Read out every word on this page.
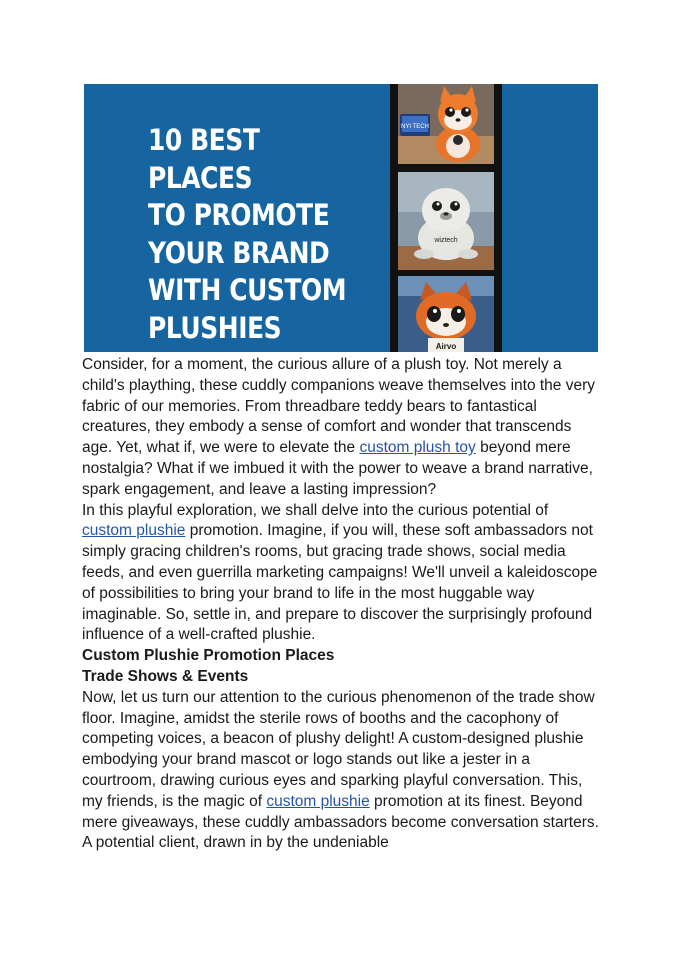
10 BEST PLACES
TO PROMOTE
YOUR BRAND
WITH CUSTOM
PLUSHIES
NYI TECH
wiztech
Airvo

Consider, for a moment, the curious allure of a plush toy. Not merely a child's plaything, these cuddly companions weave themselves into the very fabric of our memories. From threadbare teddy bears to fantastical creatures, they embody a sense of comfort and wonder that transcends age. Yet, what if, we were to elevate the custom plush toy beyond mere nostalgia? What if we imbued it with the power to weave a brand narrative, spark engagement, and leave a lasting impression?

In this playful exploration, we shall delve into the curious potential of custom plushie promotion. Imagine, if you will, these soft ambassadors not simply gracing children's rooms, but gracing trade shows, social media feeds, and even guerrilla marketing campaigns! We'll unveil a kaleidoscope of possibilities to bring your brand to life in the most huggable way imaginable. So, settle in, and prepare to discover the surprisingly profound influence of a well-crafted plushie.

Custom Plushie Promotion Places
Trade Shows & Events

Now, let us turn our attention to the curious phenomenon of the trade show floor. Imagine, amidst the sterile rows of booths and the cacophony of competing voices, a beacon of plushy delight! A custom-designed plushie embodying your brand mascot or logo stands out like a jester in a courtroom, drawing curious eyes and sparking playful conversation. This, my friends, is the magic of custom plushie promotion at its finest. Beyond mere giveaways, these cuddly ambassadors become conversation starters. A potential client, drawn in by the undeniable
